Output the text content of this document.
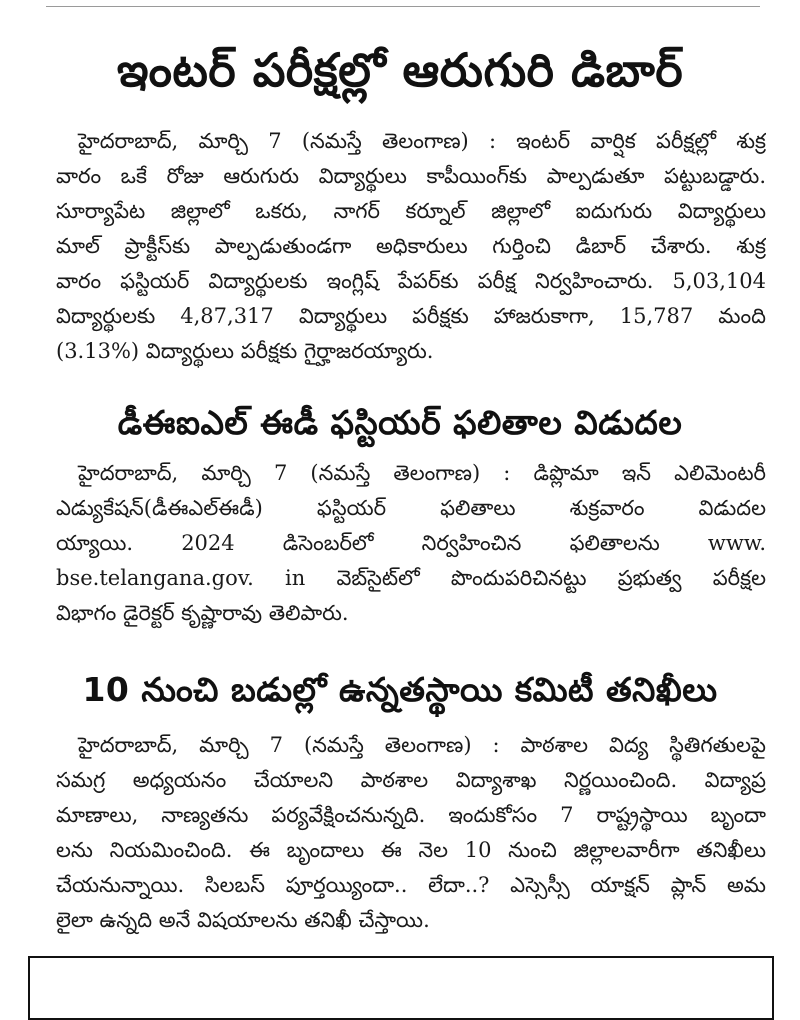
ఇంటర్ పరీక్షల్లో ఆరుగురి డిబార్
హైదరాబాద్, మార్చి 7 (నమస్తే తెలంగాణ) : ఇంటర్ వార్షిక పరీక్షల్లో శుక్ర
వారం ఒకే రోజు ఆరుగురు విద్యార్థులు కాపీయింగ్‌కు పాల్పడుతూ పట్టుబడ్డారు.
సూర్యాపేట జిల్లాలో ఒకరు, నాగర్ కర్నూల్ జిల్లాలో ఐదుగురు విద్యార్థులు
మాల్ ప్రాక్టీస్‌కు పాల్పడుతుండగా అధికారులు గుర్తించి డిబార్ చేశారు. శుక్ర
వారం ఫస్టియర్ విద్యార్థులకు ఇంగ్లిష్ పేపర్‌కు పరీక్ష నిర్వహించారు. 5,03,104
విద్యార్థులకు 4,87,317 విద్యార్థులు పరీక్షకు హాజరుకాగా, 15,787 మంది
(3.13%) విద్యార్థులు పరీక్షకు గైర్హాజరయ్యారు.
డీఈఐఎల్ ఈడీ ఫస్టియర్ ఫలితాల విడుదల
హైదరాబాద్, మార్చి 7 (నమస్తే తెలంగాణ) : డిప్లొమా ఇన్ ఎలిమెంటరీ
ఎడ్యుకేషన్(డీఈఎల్ఈడీ) ఫస్టియర్ ఫలితాలు శుక్రవారం విడుదల
య్యాయి. 2024 డిసెంబర్‌లో నిర్వహించిన ఫలితాలను www.
bse.telangana.gov. in వెబ్‌సైట్‌లో పొందుపరిచినట్టు ప్రభుత్వ పరీక్షల
విభాగం డైరెక్టర్ కృష్ణారావు తెలిపారు.
10 నుంచి బడుల్లో ఉన్నతస్థాయి కమిటీ తనిఖీలు
హైదరాబాద్, మార్చి 7 (నమస్తే తెలంగాణ) : పాఠశాల విద్య స్థితిగతులపై
సమగ్ర అధ్యయనం చేయాలని పాఠశాల విద్యాశాఖ నిర్ణయించింది. విద్యాప్ర
మాణాలు, నాణ్యతను పర్యవేక్షించనున్నది. ఇందుకోసం 7 రాష్ట్రస్థాయి బృందా
లను నియమించింది. ఈ బృందాలు ఈ నెల 10 నుంచి జిల్లాలవారీగా తనిఖీలు
చేయనున్నాయి. సిలబస్ పూర్తయ్యిందా.. లేదా..? ఎస్సెస్సీ యాక్షన్ ప్లాన్ అమ
లైలా ఉన్నది అనే విషయాలను తనిఖీ చేస్తాయి.
